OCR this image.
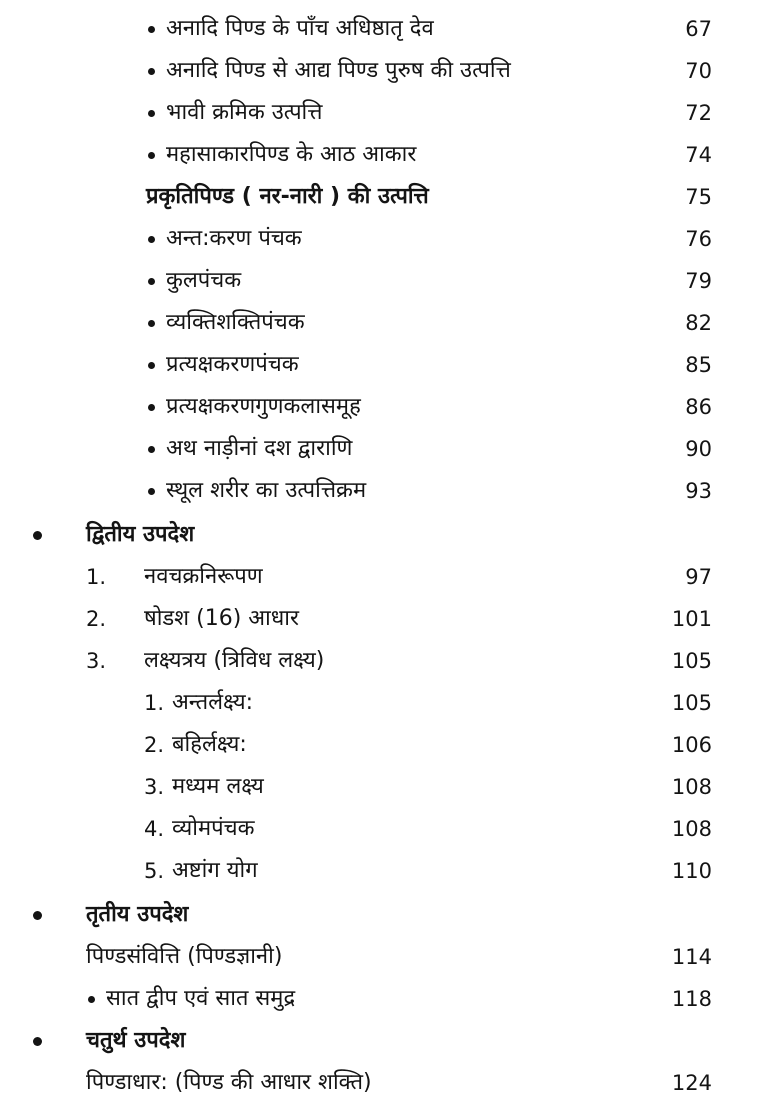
अनादि पिण्ड के पाँच अधिष्ठातृ देव	67
अनादि पिण्ड से आद्य पिण्ड पुरुष की उत्पत्ति	70
भावी क्रमिक उत्पत्ति	72
महासाकारपिण्ड के आठ आकार	74
प्रकृतिपिण्ड ( नर-नारी ) की उत्पत्ति	75
अन्त:करण पंचक	76
कुलपंचक	79
व्यक्तिशक्तिपंचक	82
प्रत्यक्षकरणपंचक	85
प्रत्यक्षकरणगुणकलासमूह	86
अथ नाड़ीनां दश द्वाराणि	90
स्थूल शरीर का उत्पत्तिक्रम	93
द्वितीय उपदेश
1. नवचक्रनिरूपण	97
2. षोडश (16) आधार	101
3. लक्ष्यत्रय (त्रिविध लक्ष्य)	105
1. अन्तर्लक्ष्य:	105
2. बहिर्लक्ष्य:	106
3. मध्यम लक्ष्य	108
4. व्योमपंचक	108
5. अष्टांग योग	110
तृतीय उपदेश
पिण्डसंवित्ति (पिण्डज्ञानी)	114
सात द्वीप एवं सात समुद्र	118
चतुर्थ उपदेश
पिण्डाधार: (पिण्ड की आधार शक्ति)	124
